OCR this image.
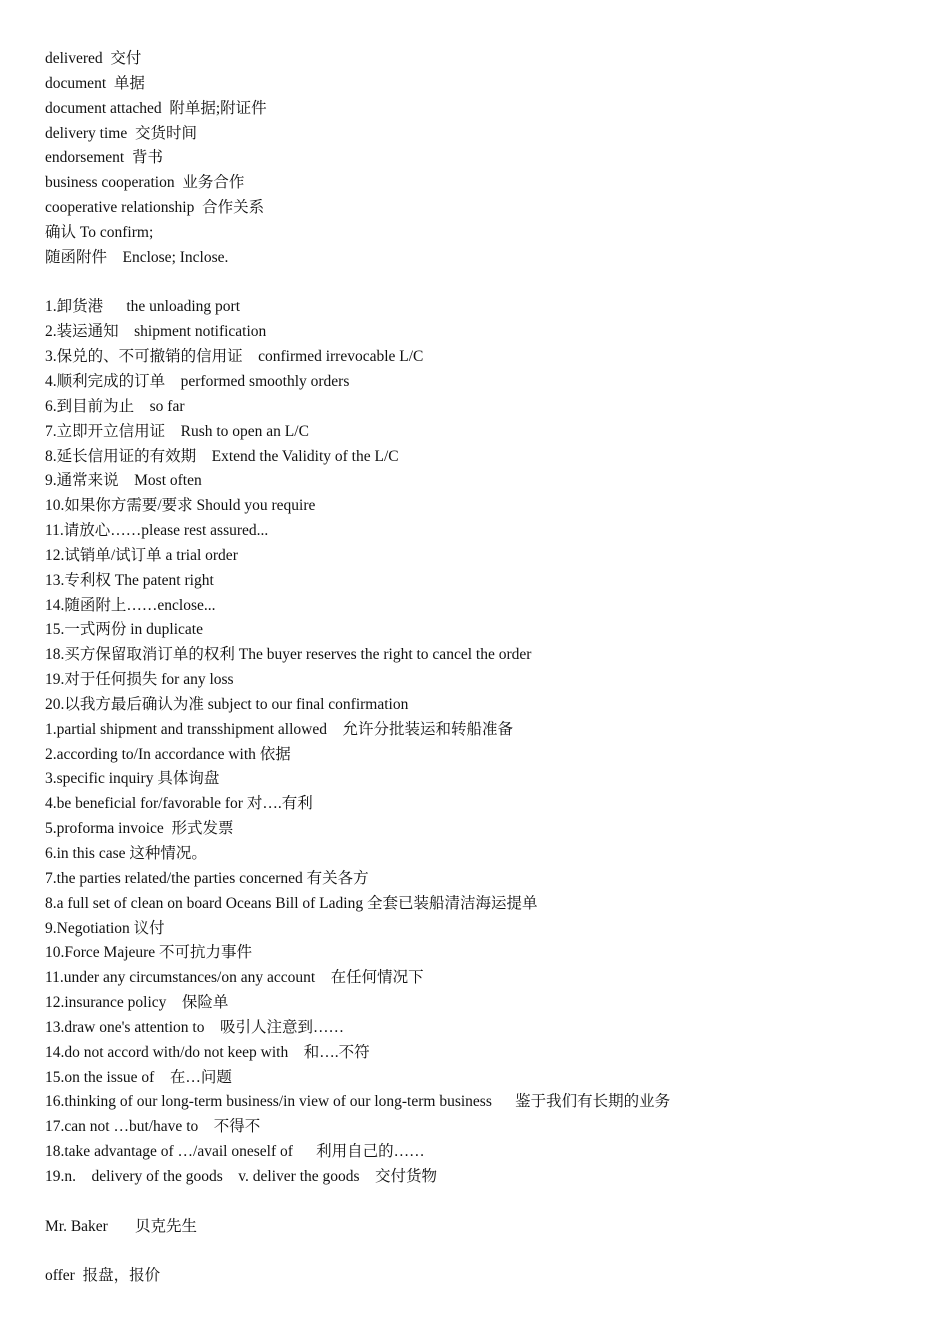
delivered  交付

document  单据

document attached  附单据;附证件

delivery time  交货时间

endorsement  背书

business cooperation  业务合作

cooperative relationship  合作关系

确认 To confirm;

随函附件    Enclose; Inclose.

1.卸货港      the unloading port

2.装运通知    shipment notification

3.保兑的、不可撤销的信用证    confirmed irrevocable L/C

4.顺利完成的订单    performed smoothly orders

6.到目前为止    so far

7.立即开立信用证    Rush to open an L/C

8.延长信用证的有效期    Extend the Validity of the L/C

9.通常来说    Most often

10.如果你方需要/要求 Should you require

11.请放心……please rest assured...

12.试销单/试订单 a trial order

13.专利权 The patent right

14.随函附上……enclose...

15.一式两份 in duplicate

18.买方保留取消订单的权利 The buyer reserves the right to cancel the order

19.对于任何损失 for any loss

20.以我方最后确认为准 subject to our final confirmation

1.partial shipment and transshipment allowed    允许分批装运和转船准备

2.according to/In accordance with 依据

3.specific inquiry 具体询盘

4.be beneficial for/favorable for 对….有利

5.proforma invoice  形式发票

6.in this case 这种情况。

7.the parties related/the parties concerned 有关各方

8.a full set of clean on board Oceans Bill of Lading 全套已装船清洁海运提单

9.Negotiation 议付

10.Force Majeure 不可抗力事件

11.under any circumstances/on any account    在任何情况下

12.insurance policy    保险单

13.draw one's attention to    吸引人注意到……

14.do not accord with/do not keep with    和….不符

15.on the issue of    在…问题

16.thinking of our long-term business/in view of our long-term business      鉴于我们有长期的业务

17.can not …but/have to    不得不

18.take advantage of …/avail oneself of      利用自己的……

19.n.    delivery of the goods    v. deliver the goods    交付货物

Mr. Baker       贝克先生

offer  报盘，报价
